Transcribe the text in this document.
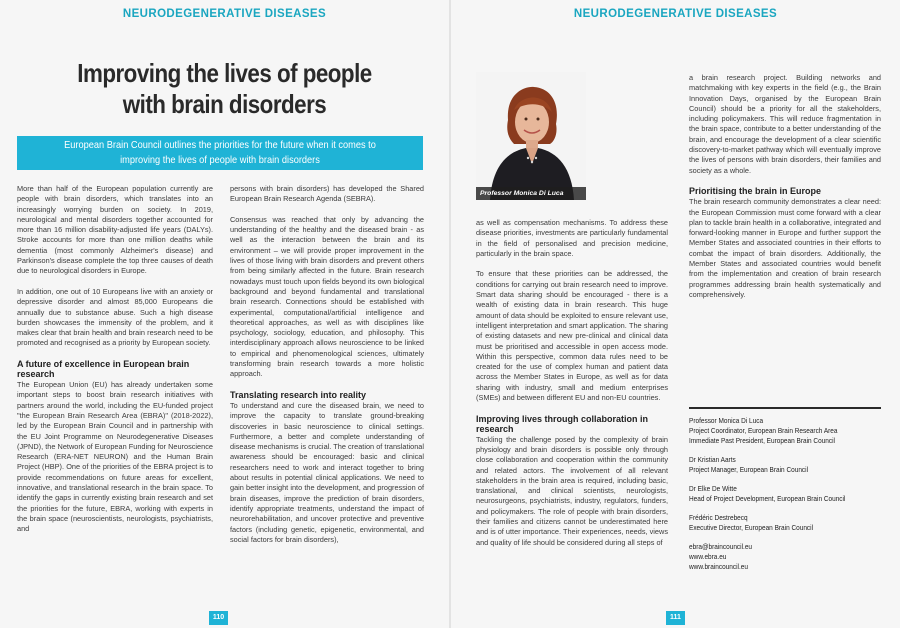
NEURODEGENERATIVE DISEASES
Improving the lives of people
with brain disorders
European Brain Council outlines the priorities for the future when it comes to improving the lives of people with brain disorders

More than half of the European population currently are people with brain disorders, which translates into an increasingly worrying burden on society. In 2019, neurological and mental disorders together accounted for more than 16 million disability-adjusted life years (DALYs). Stroke accounts for more than one million deaths while dementia (most commonly Alzheimer's disease) and Parkinson's disease complete the top three causes of death due to neurological disorders in Europe.

In addition, one out of 10 Europeans live with an anxiety or depressive disorder and almost 85,000 Europeans die annually due to substance abuse. Such a high disease burden showcases the immensity of the problem, and it makes clear that brain health and brain research need to be promoted and recognised as a priority by European society.

A future of excellence in European brain research

The European Union (EU) has already undertaken some important steps to boost brain research initiatives with partners around the world, including the EU-funded project "the European Brain Research Area (EBRA)" (2018-2022), led by the European Brain Council and in partnership with the EU Joint Programme on Neurodegenerative Diseases (JPND), the Network of European Funding for Neuroscience Research (ERA-NET NEURON) and the Human Brain Project (HBP). One of the priorities of the EBRA project is to provide recommendations on future areas for excellent, innovative, and translational research in the brain space. To identify the gaps in currently existing brain research and set the priorities for the future, EBRA, working with experts in the brain space (neuroscientists, neurologists, psychiatrists, and

persons with brain disorders) has developed the Shared European Brain Research Agenda (SEBRA).

Consensus was reached that only by advancing the understanding of the healthy and the diseased brain - as well as the interaction between the brain and its environment – we will provide proper improvement in the lives of those living with brain disorders and prevent others from being similarly affected in the future. Brain research nowadays must touch upon fields beyond its own biological background and beyond fundamental and translational brain research. Connections should be established with experimental, computational/artificial intelligence and theoretical approaches, as well as with disciplines like psychology, sociology, education, and philosophy. This interdisciplinary approach allows neuroscience to be linked to empirical and phenomenological sciences, ultimately transforming brain research towards a more holistic approach.

Translating research into reality

To understand and cure the diseased brain, we need to improve the capacity to translate ground-breaking discoveries in basic neuroscience to clinical settings. Furthermore, a better and complete understanding of disease mechanisms is crucial. The creation of translational awareness should be encouraged: basic and clinical researchers need to work and interact together to bring about results in potential clinical applications. We need to gain better insight into the development, and progression of brain diseases, improve the prediction of brain disorders, identify appropriate treatments, understand the impact of neurorehabilitation, and uncover protective and preventive factors (including genetic, epigenetic, environmental, and social factors for brain disorders),

110
NEURODEGENERATIVE DISEASES
Professor Monica Di Luca

as well as compensation mechanisms. To address these disease priorities, investments are particularly fundamental in the field of personalised and precision medicine, particularly in the brain space.

To ensure that these priorities can be addressed, the conditions for carrying out brain research need to improve. Smart data sharing should be encouraged - there is a wealth of existing data in brain research. This huge amount of data should be exploited to ensure relevant use, intelligent interpretation and smart application. The sharing of existing datasets and new pre-clinical and clinical data must be prioritised and accessible in open access mode. Within this perspective, common data rules need to be created for the use of complex human and patient data across the Member States in Europe, as well as for data sharing with industry, small and medium enterprises (SMEs) and between different EU and non-EU countries.

Improving lives through collaboration in research

Tackling the challenge posed by the complexity of brain physiology and brain disorders is possible only through close collaboration and cooperation within the community and related actors. The involvement of all relevant stakeholders in the brain area is required, including basic, translational, and clinical scientists, neurologists, neurosurgeons, psychiatrists, industry, regulators, funders, and policymakers. The role of people with brain disorders, their families and citizens cannot be underestimated here and is of utter importance. Their experiences, needs, views and quality of life should be considered during all steps of

a brain research project. Building networks and matchmaking with key experts in the field (e.g., the Brain Innovation Days, organised by the European Brain Council) should be a priority for all the stakeholders, including policymakers. This will reduce fragmentation in the brain space, contribute to a better understanding of the brain, and encourage the development of a clear scientific discovery-to-market pathway which will eventually improve the lives of persons with brain disorders, their families and society as a whole.

Prioritising the brain in Europe

The brain research community demonstrates a clear need: the European Commission must come forward with a clear plan to tackle brain health in a collaborative, integrated and forward-looking manner in Europe and further support the Member States and associated countries in their efforts to combat the impact of brain disorders. Additionally, the Member States and associated countries would benefit from the implementation and creation of brain research programmes addressing brain health systematically and comprehensively.

Professor Monica Di Luca
Project Coordinator, European Brain Research Area
Immediate Past President, European Brain Council
Dr Kristian Aarts
Project Manager, European Brain Council
Dr Elke De Witte
Head of Project Development, European Brain Council
Frédéric Destrebecq
Executive Director, European Brain Council
ebra@braincouncil.eu
www.ebra.eu
www.braincouncil.eu
111
